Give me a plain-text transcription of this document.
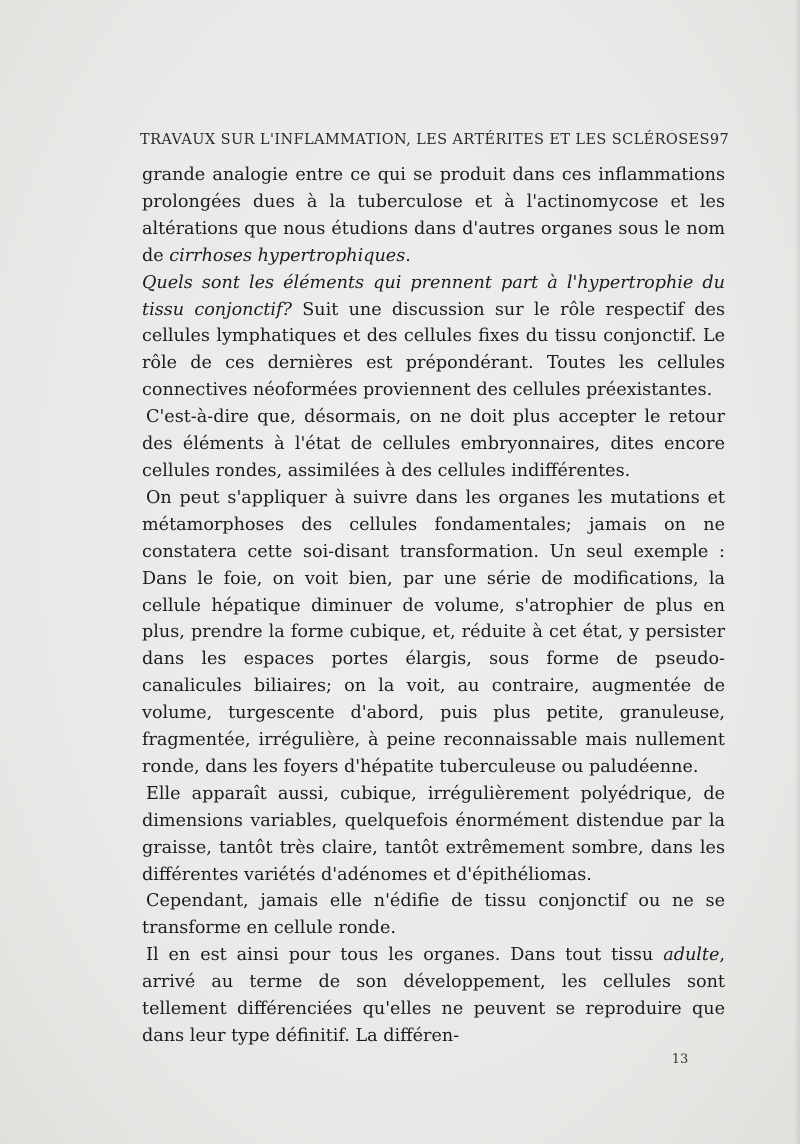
TRAVAUX SUR L'INFLAMMATION, LES ARTÉRITES ET LES SCLÉROSES 97

grande analogie entre ce qui se produit dans ces inflammations prolongées dues à la tuberculose et à l'actinomycose et les altérations que nous étudions dans d'autres organes sous le nom de cirrhoses hypertrophiques.

Quels sont les éléments qui prennent part à l'hypertrophie du tissu conjonctif? Suit une discussion sur le rôle respectif des cellules lymphatiques et des cellules fixes du tissu conjonctif. Le rôle de ces dernières est prépondérant. Toutes les cellules connectives néoformées proviennent des cellules préexistantes.

C'est-à-dire que, désormais, on ne doit plus accepter le retour des éléments à l'état de cellules embryonnaires, dites encore cellules rondes, assimilées à des cellules indifférentes.

On peut s'appliquer à suivre dans les organes les mutations et métamorphoses des cellules fondamentales; jamais on ne constatera cette soi-disant transformation. Un seul exemple : Dans le foie, on voit bien, par une série de modifications, la cellule hépatique diminuer de volume, s'atrophier de plus en plus, prendre la forme cubique, et, réduite à cet état, y persister dans les espaces portes élargis, sous forme de pseudo-canalicules biliaires; on la voit, au contraire, augmentée de volume, turgescente d'abord, puis plus petite, granuleuse, fragmentée, irrégulière, à peine reconnaissable mais nullement ronde, dans les foyers d'hépatite tuberculeuse ou paludéenne.

Elle apparaît aussi, cubique, irrégulièrement polyédrique, de dimensions variables, quelquefois énormément distendue par la graisse, tantôt très claire, tantôt extrêmement sombre, dans les différentes variétés d'adénomes et d'épithéliomas.

Cependant, jamais elle n'édifie de tissu conjonctif ou ne se transforme en cellule ronde.

Il en est ainsi pour tous les organes. Dans tout tissu adulte, arrivé au terme de son développement, les cellules sont tellement différenciées qu'elles ne peuvent se reproduire que dans leur type définitif. La différen-

13
